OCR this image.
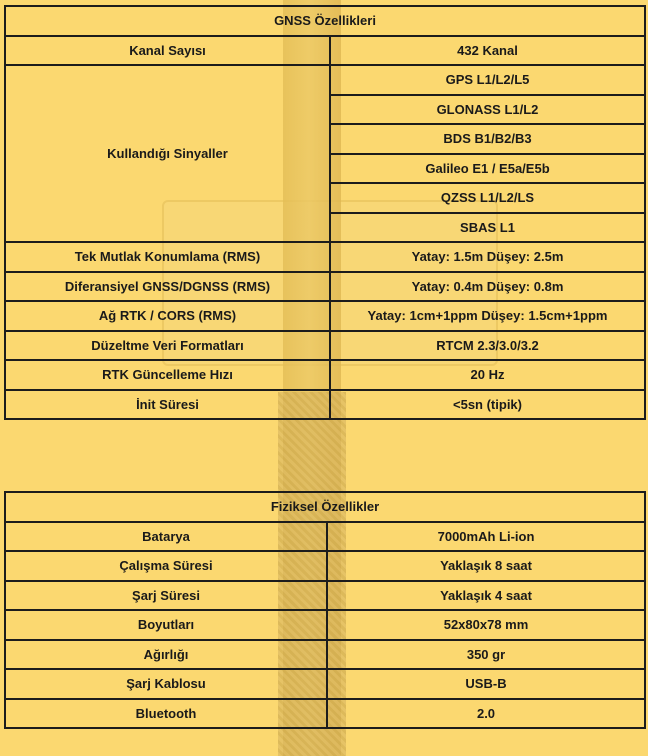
GNSS Özellikleri	
Kanal Sayısı	432 Kanal
Kullandığı Sinyaller	GPS L1/L2/L5
	GLONASS L1/L2
	BDS B1/B2/B3
	Galileo E1 / E5a/E5b
	QZSS L1/L2/LS
	SBAS L1
Tek Mutlak Konumlama (RMS)	Yatay: 1.5m Düşey: 2.5m
Diferansiyel GNSS/DGNSS (RMS)	Yatay: 0.4m Düşey: 0.8m
Ağ RTK / CORS (RMS)	Yatay: 1cm+1ppm Düşey: 1.5cm+1ppm
Düzeltme Veri Formatları	RTCM 2.3/3.0/3.2
RTK Güncelleme Hızı	20 Hz
İnit Süresi	<5sn (tipik)
Fiziksel Özellikler	
Batarya	7000mAh Li-ion
Çalışma Süresi	Yaklaşık 8 saat
Şarj Süresi	Yaklaşık 4 saat
Boyutları	52x80x78 mm
Ağırlığı	350 gr
Şarj Kablosu	USB-B
Bluetooth	2.0
